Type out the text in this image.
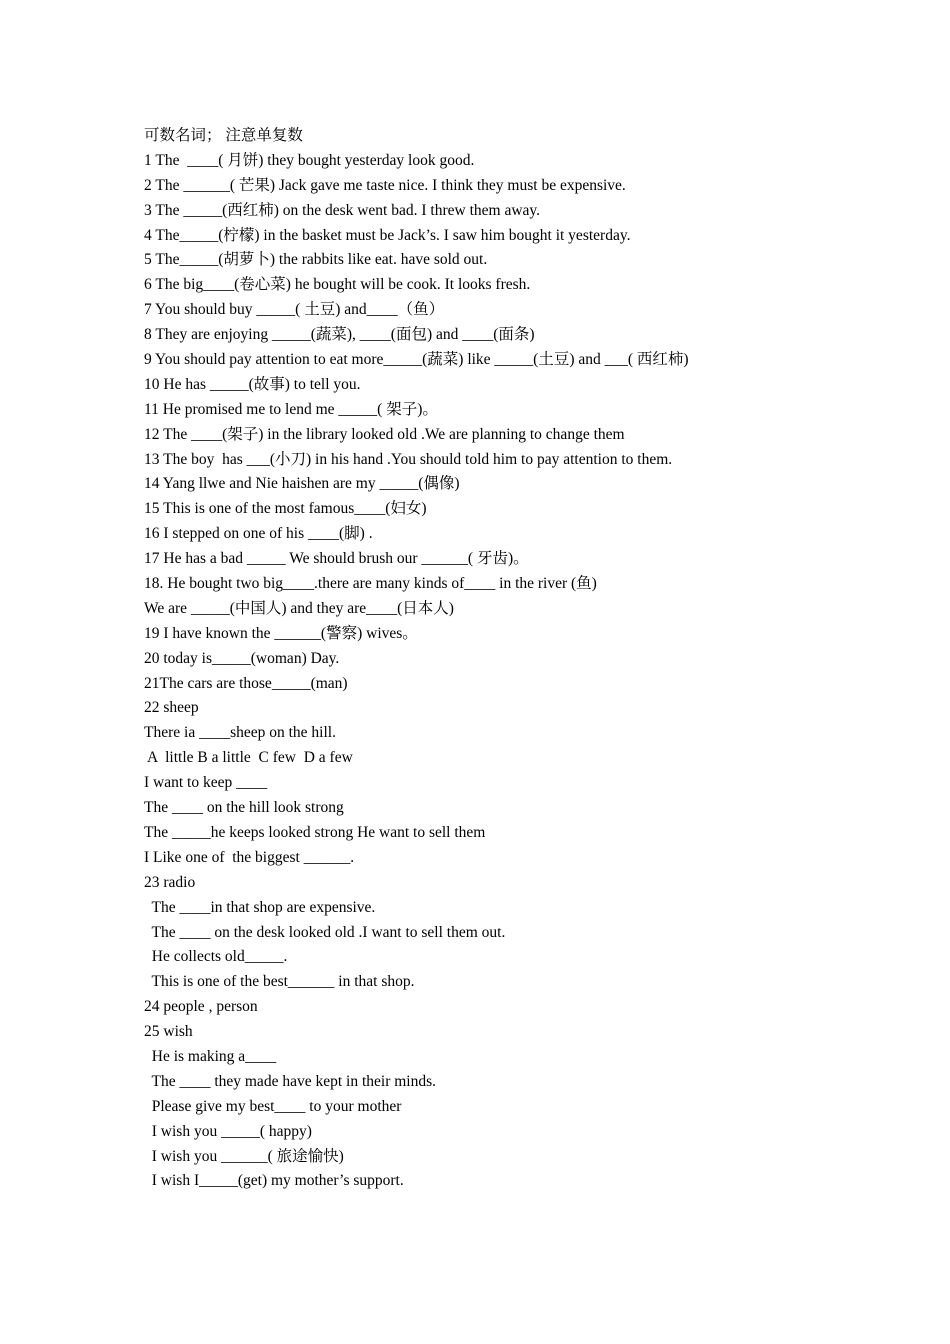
可数名词； 注意单复数
1 The  ____( 月饼) they bought yesterday look good.
2 The ______( 芒果) Jack gave me taste nice. I think they must be expensive.
3 The _____(西红柿) on the desk went bad. I threw them away.
4 The_____(柠檬) in the basket must be Jack’s. I saw him bought it yesterday.
5 The_____(胡萝卜) the rabbits like eat. have sold out.
6 The big____(卷心菜) he bought will be cook. It looks fresh.
7 You should buy _____( 土豆) and____（鱼）
8 They are enjoying _____(蔬菜), ____(面包) and ____(面条)
9 You should pay attention to eat more_____(蔬菜) like _____(土豆) and ___( 西红柿)
10 He has _____(故事) to tell you.
11 He promised me to lend me _____( 架子)。
12 The ____(架子) in the library looked old .We are planning to change them
13 The boy  has ___(小刀) in his hand .You should told him to pay attention to them.
14 Yang llwe and Nie haishen are my _____(偶像)
15 This is one of the most famous____(妇女)
16 I stepped on one of his ____(脚) .
17 He has a bad _____ We should brush our ______( 牙齿)。
18. He bought two big____.there are many kinds of____ in the river (鱼)
We are _____(中国人) and they are____(日本人)
19 I have known the ______(警察) wives。
20 today is_____(woman) Day.
21The cars are those_____(man)
22 sheep
There ia ____sheep on the hill.
A  little B a little  C few  D a few
I want to keep ____
The ____ on the hill look strong
The _____he keeps looked strong He want to sell them
I Like one of  the biggest ______.
23 radio
The ____in that shop are expensive.
The ____ on the desk looked old .I want to sell them out.
He collects old_____.
This is one of the best______ in that shop.
24 people , person
25 wish
He is making a____
The ____ they made have kept in their minds.
Please give my best____ to your mother
I wish you _____( happy)
I wish you ______( 旅途愉快)
I wish I_____(get) my mother’s support.
